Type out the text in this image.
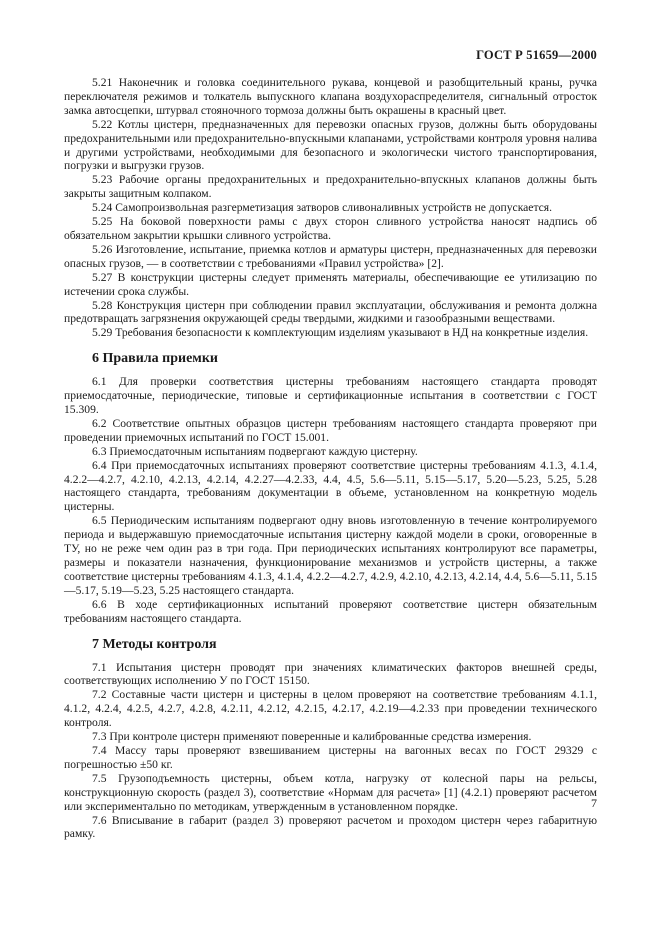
ГОСТ Р 51659—2000

5.21 Наконечник и головка соединительного рукава, концевой и разобщительный краны, ручка переключателя режимов и толкатель выпускного клапана воздухораспределителя, сигнальный отросток замка автосцепки, штурвал стояночного тормоза должны быть окрашены в красный цвет.

5.22 Котлы цистерн, предназначенных для перевозки опасных грузов, должны быть оборудованы предохранительными или предохранительно-впускными клапанами, устройствами контроля уровня налива и другими устройствами, необходимыми для безопасного и экологически чистого транспортирования, погрузки и выгрузки грузов.

5.23 Рабочие органы предохранительных и предохранительно-впускных клапанов должны быть закрыты защитным колпаком.

5.24 Самопроизвольная разгерметизация затворов сливоналивных устройств не допускается.

5.25 На боковой поверхности рамы с двух сторон сливного устройства наносят надпись об обязательном закрытии крышки сливного устройства.

5.26 Изготовление, испытание, приемка котлов и арматуры цистерн, предназначенных для перевозки опасных грузов, — в соответствии с требованиями «Правил устройства» [2].

5.27 В конструкции цистерны следует применять материалы, обеспечивающие ее утилизацию по истечении срока службы.

5.28 Конструкция цистерн при соблюдении правил эксплуатации, обслуживания и ремонта должна предотвращать загрязнения окружающей среды твердыми, жидкими и газообразными веществами.

5.29 Требования безопасности к комплектующим изделиям указывают в НД на конкретные изделия.

6 Правила приемки

6.1 Для проверки соответствия цистерны требованиям настоящего стандарта проводят приемосдаточные, периодические, типовые и сертификационные испытания в соответствии с ГОСТ 15.309.

6.2 Соответствие опытных образцов цистерн требованиям настоящего стандарта проверяют при проведении приемочных испытаний по ГОСТ 15.001.

6.3 Приемосдаточным испытаниям подвергают каждую цистерну.

6.4 При приемосдаточных испытаниях проверяют соответствие цистерны требованиям 4.1.3, 4.1.4, 4.2.2—4.2.7, 4.2.10, 4.2.13, 4.2.14, 4.2.27—4.2.33, 4.4, 4.5, 5.6—5.11, 5.15—5.17, 5.20—5.23, 5.25, 5.28 настоящего стандарта, требованиям документации в объеме, установленном на конкретную модель цистерны.

6.5 Периодическим испытаниям подвергают одну вновь изготовленную в течение контролируемого периода и выдержавшую приемосдаточные испытания цистерну каждой модели в сроки, оговоренные в ТУ, но не реже чем один раз в три года. При периодических испытаниях контролируют все параметры, размеры и показатели назначения, функционирование механизмов и устройств цистерны, а также соответствие цистерны требованиям 4.1.3, 4.1.4, 4.2.2—4.2.7, 4.2.9, 4.2.10, 4.2.13, 4.2.14, 4.4, 5.6—5.11, 5.15—5.17, 5.19—5.23, 5.25 настоящего стандарта.

6.6 В ходе сертификационных испытаний проверяют соответствие цистерн обязательным требованиям настоящего стандарта.

7 Методы контроля

7.1 Испытания цистерн проводят при значениях климатических факторов внешней среды, соответствующих исполнению У по ГОСТ 15150.

7.2 Составные части цистерн и цистерны в целом проверяют на соответствие требованиям 4.1.1, 4.1.2, 4.2.4, 4.2.5, 4.2.7, 4.2.8, 4.2.11, 4.2.12, 4.2.15, 4.2.17, 4.2.19—4.2.33 при проведении технического контроля.

7.3 При контроле цистерн применяют поверенные и калиброванные средства измерения.

7.4 Массу тары проверяют взвешиванием цистерны на вагонных весах по ГОСТ 29329 с погрешностью ±50 кг.

7.5 Грузоподъемность цистерны, объем котла, нагрузку от колесной пары на рельсы, конструкционную скорость (раздел 3), соответствие «Нормам для расчета» [1] (4.2.1) проверяют расчетом или экспериментально по методикам, утвержденным в установленном порядке.

7.6 Вписывание в габарит (раздел 3) проверяют расчетом и проходом цистерн через габаритную рамку.

7
